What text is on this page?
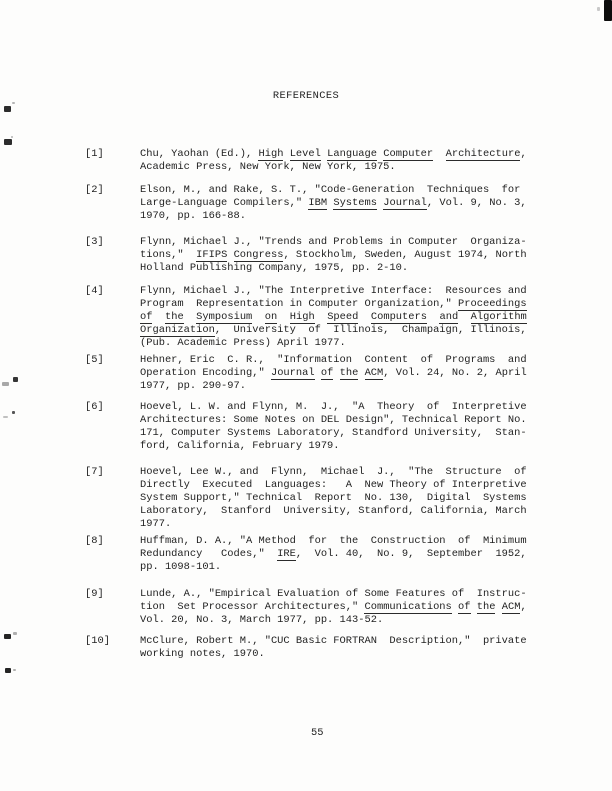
REFERENCES
[1]	Chu, Yaohan (Ed.), High Level Language Computer Architecture,
Academic Press, New York, New York, 1975.
[2]	Elson, M., and Rake, S. T., "Code-Generation  Techniques  for
Large-Language Compilers," IBM Systems Journal, Vol. 9, No. 3,
1970, pp. 166-88.
[3]	Flynn, Michael J., "Trends and Problems in Computer  Organiza-
tions,"  IFIPS Congress, Stockholm, Sweden, August 1974, North
Holland Publishing Company, 1975, pp. 2-10.
[4]	Flynn, Michael J., "The Interpretive Interface:  Resources and
Program  Representation in Computer Organization," Proceedings
of the Symposium on High Speed Computers and Algorithm
Organization,  University  of  Illinois,  Champaign, Illinois,
(Pub. Academic Press) April 1977.
[5]	Hehner, Eric  C. R.,  "Information  Content  of  Programs  and
Operation Encoding," Journal of the ACM, Vol. 24, No. 2, April
1977, pp. 290-97.
[6]	Hoevel, L. W. and Flynn, M.  J.,  "A  Theory  of  Interpretive
Architectures: Some Notes on DEL Design", Technical Report No.
171, Computer Systems Laboratory, Standford University,  Stan-
ford, California, February 1979.
[7]	Hoevel, Lee W., and  Flynn,  Michael  J.,  "The  Structure  of
Directly  Executed  Languages:   A  New Theory of Interpretive
System Support," Technical  Report  No. 130,  Digital  Systems
Laboratory,  Stanford  University, Stanford, California, March
1977.
[8]	Huffman, D. A., "A Method  for  the  Construction  of  Minimum
Redundancy   Codes,"  IRE,  Vol. 40,  No. 9,  September  1952,
pp. 1098-101.
[9]	Lunde, A., "Empirical Evaluation of Some Features of  Instruc-
tion  Set Processor Architectures," Communications of the ACM,
Vol. 20, No. 3, March 1977, pp. 143-52.
[10]	McClure, Robert M., "CUC Basic FORTRAN  Description,"  private
working notes, 1970.
55
